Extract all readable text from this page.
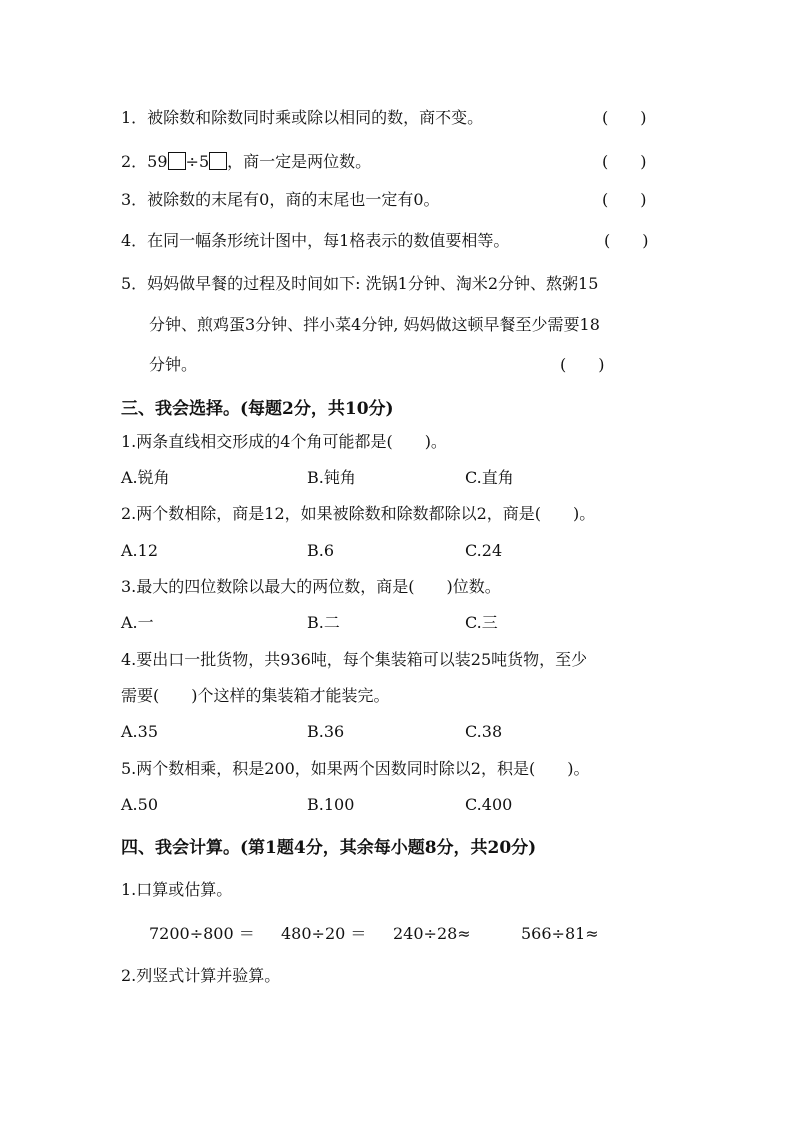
1．被除数和除数同时乘或除以相同的数，商不变。	(　　)
2．59 ÷5 ，商一定是两位数。	(　　)
3．被除数的末尾有0，商的末尾也一定有0。	(　　)
4．在同一幅条形统计图中，每1格表示的数值要相等。	(　　)
5．妈妈做早餐的过程及时间如下: 洗锅1分钟、淘米2分钟、熬粥15
分钟、煎鸡蛋3分钟、拌小菜4分钟, 妈妈做这顿早餐至少需要18
分钟。	(　　)
三、我会选择。(每题2分，共10分)
1.两条直线相交形成的4个角可能都是(　　)。
A.锐角	B.钝角	C.直角
2.两个数相除，商是12，如果被除数和除数都除以2，商是(　　)。
A.12	B.6	C.24
3.最大的四位数除以最大的两位数，商是(　　)位数。
A.一	B.二	C.三
4.要出口一批货物，共936吨，每个集装箱可以装25吨货物，至少
需要(　　)个这样的集装箱才能装完。
A.35	B.36	C.38
5.两个数相乘，积是200，如果两个因数同时除以2，积是(　　)。
A.50	B.100	C.400
四、我会计算。(第1题4分，其余每小题8分，共20分)
1.口算或估算。
7200÷800 ＝ 480÷20 ＝ 240÷28≈	566÷81≈
2.列竖式计算并验算。
